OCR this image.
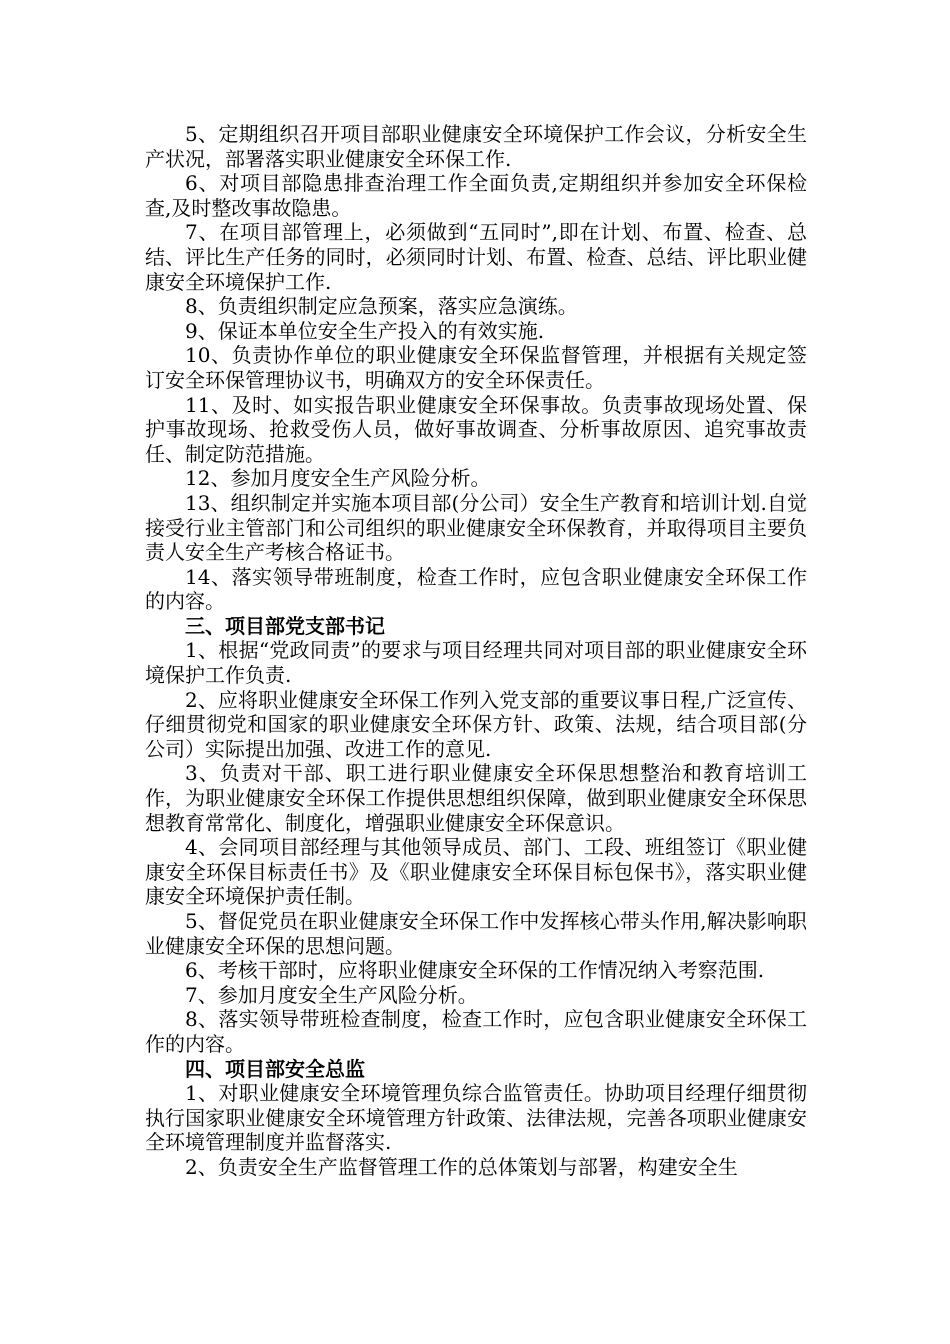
5、定期组织召开项目部职业健康安全环境保护工作会议，分析安全生产状况，部署落实职业健康安全环保工作.

6、对项目部隐患排查治理工作全面负责,定期组织并参加安全环保检查,及时整改事故隐患。

7、在项目部管理上，必须做到“五同时”,即在计划、布置、检查、总结、评比生产任务的同时，必须同时计划、布置、检查、总结、评比职业健康安全环境保护工作.

8、负责组织制定应急预案，落实应急演练。

9、保证本单位安全生产投入的有效实施.

10、负责协作单位的职业健康安全环保监督管理，并根据有关规定签订安全环保管理协议书，明确双方的安全环保责任。

11、及时、如实报告职业健康安全环保事故。负责事故现场处置、保护事故现场、抢救受伤人员，做好事故调查、分析事故原因、追究事故责任、制定防范措施。

12、参加月度安全生产风险分析。

13、组织制定并实施本项目部(分公司）安全生产教育和培训计划.自觉接受行业主管部门和公司组织的职业健康安全环保教育，并取得项目主要负责人安全生产考核合格证书。

14、落实领导带班制度，检查工作时，应包含职业健康安全环保工作的内容。

三、项目部党支部书记

1、根据“党政同责”的要求与项目经理共同对项目部的职业健康安全环境保护工作负责.

2、应将职业健康安全环保工作列入党支部的重要议事日程,广泛宣传、仔细贯彻党和国家的职业健康安全环保方针、政策、法规，结合项目部(分公司）实际提出加强、改进工作的意见.

3、负责对干部、职工进行职业健康安全环保思想整治和教育培训工作，为职业健康安全环保工作提供思想组织保障，做到职业健康安全环保思想教育常常化、制度化，增强职业健康安全环保意识。

4、会同项目部经理与其他领导成员、部门、工段、班组签订《职业健康安全环保目标责任书》及《职业健康安全环保目标包保书》，落实职业健康安全环境保护责任制。

5、督促党员在职业健康安全环保工作中发挥核心带头作用,解决影响职业健康安全环保的思想问题。

6、考核干部时，应将职业健康安全环保的工作情况纳入考察范围.

7、参加月度安全生产风险分析。

8、落实领导带班检查制度，检查工作时，应包含职业健康安全环保工作的内容。

四、项目部安全总监

1、对职业健康安全环境管理负综合监管责任。协助项目经理仔细贯彻执行国家职业健康安全环境管理方针政策、法律法规，完善各项职业健康安全环境管理制度并监督落实.

2、负责安全生产监督管理工作的总体策划与部署，构建安全生
